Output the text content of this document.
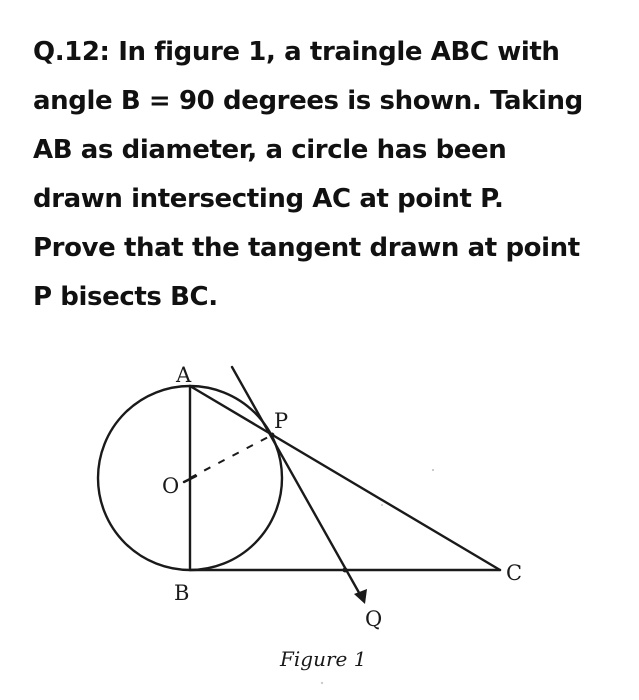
Q.12: In figure 1, a traingle ABC with
angle B = 90 degrees is shown. Taking
AB as diameter, a circle has been
drawn intersecting AC at point P.
Prove that the tangent drawn at point
P bisects BC.
A
B
C
O
P
Q
Figure 1
